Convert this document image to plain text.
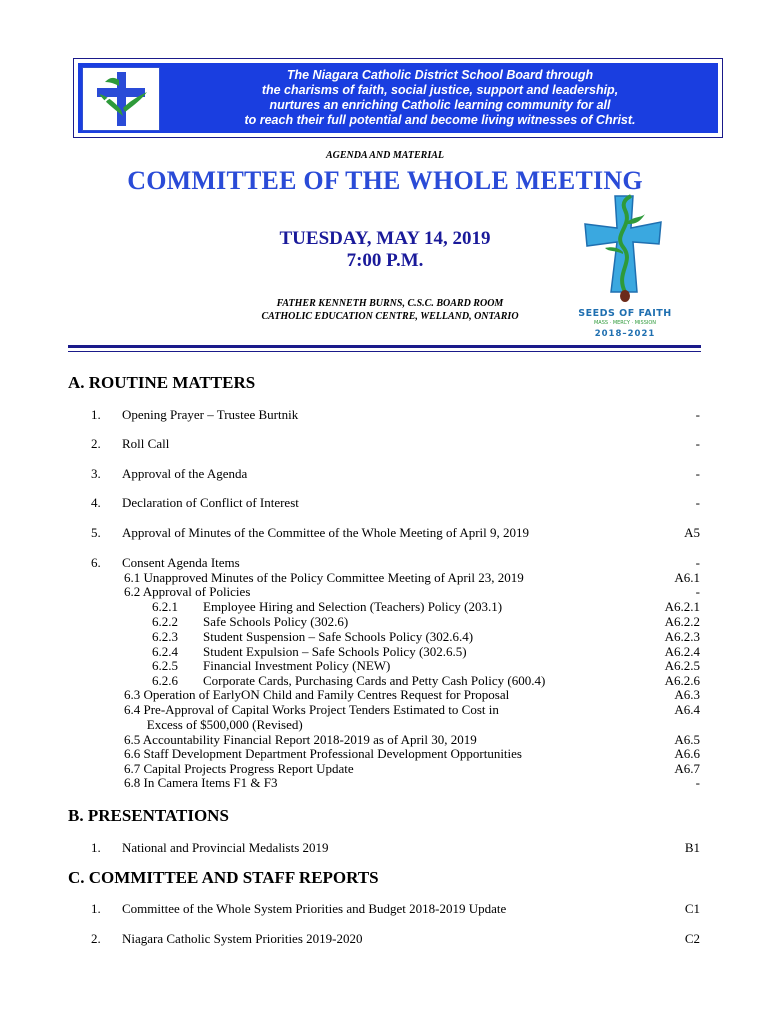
The Niagara Catholic District School Board through
the charisms of faith, social justice, support and leadership,
nurtures an enriching Catholic learning community for all
to reach their full potential and become living witnesses of Christ.
AGENDA AND MATERIAL
COMMITTEE OF THE WHOLE MEETING
TUESDAY, MAY 14, 2019
7:00 P.M.
FATHER KENNETH BURNS, C.S.C. BOARD ROOM
CATHOLIC EDUCATION CENTRE, WELLAND, ONTARIO	SEEDS OF FAITH
MASS · MERCY · MISSION
2018–2021
A. ROUTINE MATTERS
1. Opening Prayer – Trustee Burtnik	-
2. Roll Call	-
3. Approval of the Agenda	-
4. Declaration of Conflict of Interest	-
5. Approval of Minutes of the Committee of the Whole Meeting of April 9, 2019	A5
6. Consent Agenda Items	-
6.1 Unapproved Minutes of the Policy Committee Meeting of April 23, 2019	A6.1
6.2 Approval of Policies	-
6.2.1 Employee Hiring and Selection (Teachers) Policy (203.1)	A6.2.1
6.2.2 Safe Schools Policy (302.6)	A6.2.2
6.2.3 Student Suspension – Safe Schools Policy (302.6.4)	A6.2.3
6.2.4 Student Expulsion – Safe Schools Policy (302.6.5)	A6.2.4
6.2.5 Financial Investment Policy (NEW)	A6.2.5
6.2.6 Corporate Cards, Purchasing Cards and Petty Cash Policy (600.4)	A6.2.6
6.3 Operation of EarlyON Child and Family Centres Request for Proposal	A6.3
6.4 Pre-Approval of Capital Works Project Tenders Estimated to Cost in	A6.4
Excess of $500,000 (Revised)
6.5 Accountability Financial Report 2018-2019 as of April 30, 2019	A6.5
6.6 Staff Development Department Professional Development Opportunities	A6.6
6.7 Capital Projects Progress Report Update	A6.7
6.8 In Camera Items F1 & F3	-
B. PRESENTATIONS
1. National and Provincial Medalists 2019	B1
C. COMMITTEE AND STAFF REPORTS
1. Committee of the Whole System Priorities and Budget 2018-2019 Update	C1
2. Niagara Catholic System Priorities 2019-2020	C2
